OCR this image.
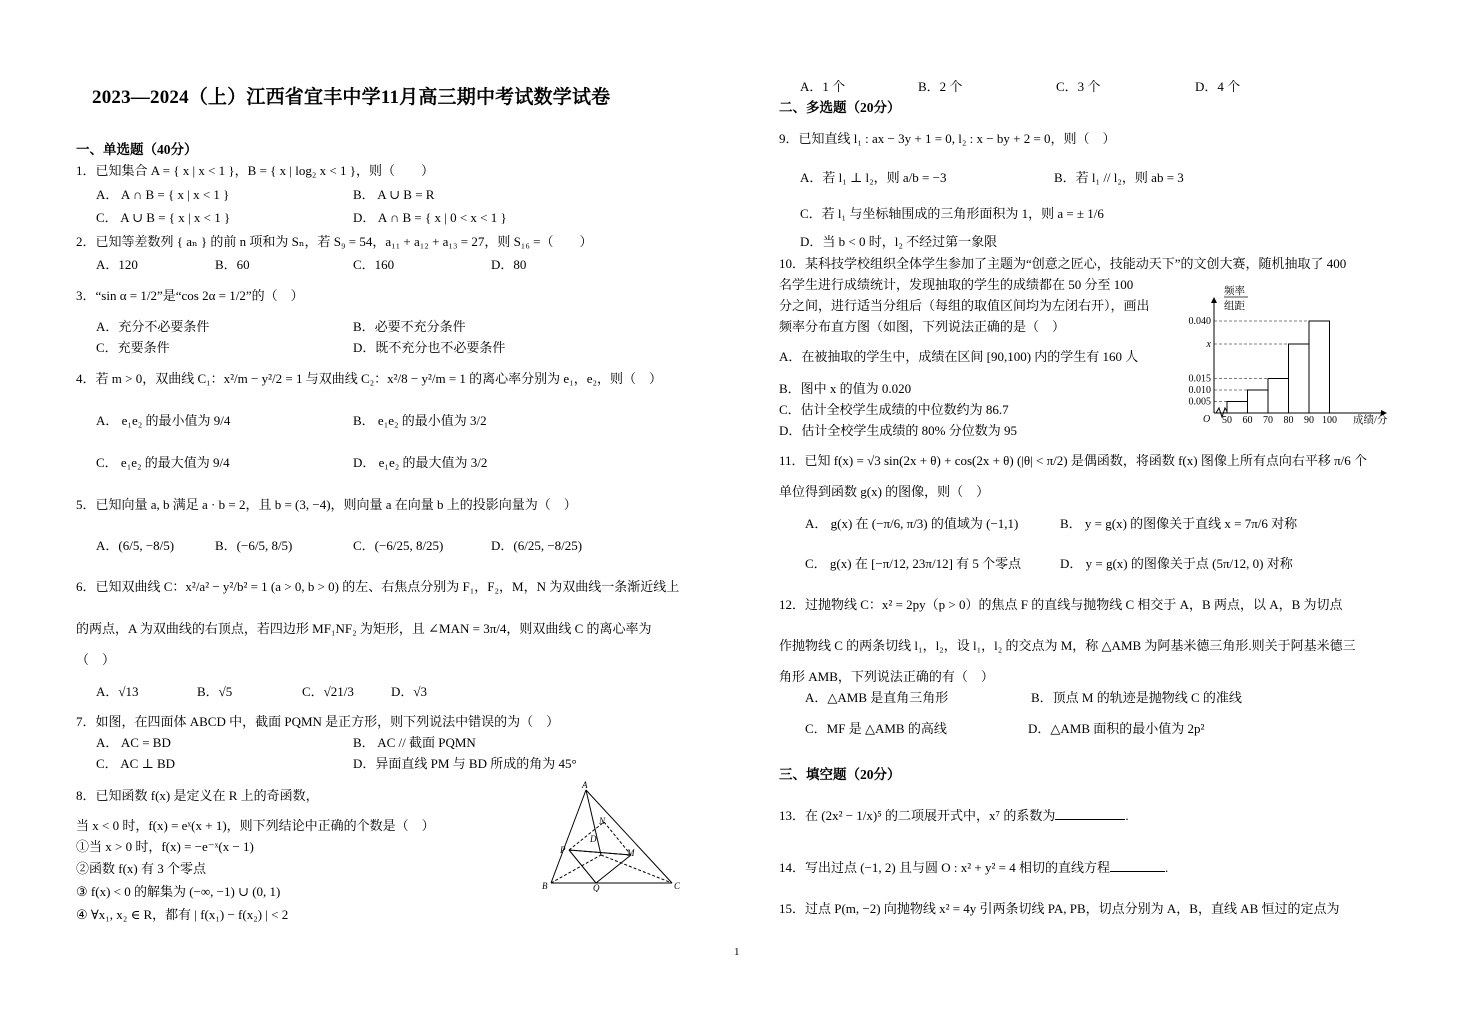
2023—2024（上）江西省宜丰中学11月高三期中考试数学试卷
一、单选题（40分）
1．已知集合 A = { x | x < 1 }，B = { x | log₂ x < 1 }，则（　　）
A． A ∩ B = { x | x < 1 }	B． A ∪ B = R
C． A ∪ B = { x | x < 1 }	D． A ∩ B = { x | 0 < x < 1 }
2．已知等差数列 { aₙ } 的前 n 项和为 Sₙ，若 S₉ = 54，a₁₁ + a₁₂ + a₁₃ = 27，则 S₁₆ =（　　）
A．120	B．60	C．160	D．80
3．“sin α = 1/2”是“cos 2α = 1/2”的（　）
A．充分不必要条件	B．必要不充分条件
C．充要条件	D．既不充分也不必要条件
4．若 m > 0，双曲线 C₁：x²/m − y²/2 = 1 与双曲线 C₂：x²/8 − y²/m = 1 的离心率分别为 e₁，e₂，则（　）
A． e₁e₂ 的最小值为 9/4	B． e₁e₂ 的最小值为 3/2
C． e₁e₂ 的最大值为 9/4	D． e₁e₂ 的最大值为 3/2
5．已知向量 a, b 满足 a · b = 2，且 b = (3, −4)，则向量 a 在向量 b 上的投影向量为（　）
A．(6/5, −8/5)	B．(−6/5, 8/5)	C．(−6/25, 8/25)	D．(6/25, −8/25)
6．已知双曲线 C：x²/a² − y²/b² = 1 (a > 0, b > 0) 的左、右焦点分别为 F₁，F₂，M，N 为双曲线一条渐近线上
的两点，A 为双曲线的右顶点，若四边形 MF₁NF₂ 为矩形，且 ∠MAN = 3π/4，则双曲线 C 的离心率为
（　）
A．√13	B．√5	C．√21/3	D．√3
7．如图，在四面体 ABCD 中，截面 PQMN 是正方形，则下列说法中错误的为（　）
A． AC = BD	B． AC // 截面 PQMN
C． AC ⊥ BD	D．异面直线 PM 与 BD 所成的角为 45°
8．已知函数 f(x) 是定义在 R 上的奇函数，
当 x < 0 时，f(x) = eˣ(x + 1)，则下列结论中正确的个数是（　）
①当 x > 0 时，f(x) = −e⁻ˣ(x − 1)
②函数 f(x) 有 3 个零点
③ f(x) < 0 的解集为 (−∞, −1) ∪ (0, 1)
④ ∀x₁, x₂ ∈ R，都有 | f(x₁) − f(x₂) | < 2
A
B	C
D
N
M
P
Q
A．1 个	B．2 个	C．3 个	D．4 个
二、多选题（20分）
9．已知直线 l₁ : ax − 3y + 1 = 0, l₂ : x − by + 2 = 0，则（　）
A．若 l₁ ⊥ l₂，则 a/b = −3	B．若 l₁ // l₂，则 ab = 3
C．若 l₁ 与坐标轴围成的三角形面积为 1，则 a = ± 1/6
D．当 b < 0 时，l₂ 不经过第一象限
10．某科技学校组织全体学生参加了主题为“创意之匠心，技能动天下”的文创大赛，随机抽取了 400
名学生进行成绩统计，发现抽取的学生的成绩都在 50 分至 100
分之间，进行适当分组后（每组的取值区间均为左闭右开），画出
频率分布直方图（如图，下列说法正确的是（　）
A．在被抽取的学生中，成绩在区间 [90,100) 内的学生有 160 人
B．图中 x 的值为 0.020
C．估计全校学生成绩的中位数约为 86.7
D．估计全校学生成绩的 80% 分位数为 95
频率
组距
成绩/分
O
0.005
0.010
0.015
x
0.040
50 60 70 80 90 100
11．已知 f(x) = √3 sin(2x + θ) + cos(2x + θ) (|θ| < π/2) 是偶函数，将函数 f(x) 图像上所有点向右平移 π/6 个
单位得到函数 g(x) 的图像，则（　）
A． g(x) 在 (−π/6, π/3) 的值域为 (−1,1)	B． y = g(x) 的图像关于直线 x = 7π/6 对称
C． g(x) 在 [−π/12, 23π/12] 有 5 个零点	D． y = g(x) 的图像关于点 (5π/12, 0) 对称
12．过抛物线 C：x² = 2py（p > 0）的焦点 F 的直线与抛物线 C 相交于 A，B 两点，以 A，B 为切点
作抛物线 C 的两条切线 l₁，l₂，设 l₁，l₂ 的交点为 M，称 △AMB 为阿基米德三角形.则关于阿基米德三
角形 AMB，下列说法正确的有（　）
A．△AMB 是直角三角形	B．顶点 M 的轨迹是抛物线 C 的准线
C．MF 是 △AMB 的高线	D．△AMB 面积的最小值为 2p²
三、填空题（20分）
13．在 (2x² − 1/x)⁵ 的二项展开式中，x⁷ 的系数为	.
14．写出过点 (−1, 2) 且与圆 O : x² + y² = 4 相切的直线方程	.
15．过点 P(m, −2) 向抛物线 x² = 4y 引两条切线 PA, PB，切点分别为 A，B，直线 AB 恒过的定点为
1
